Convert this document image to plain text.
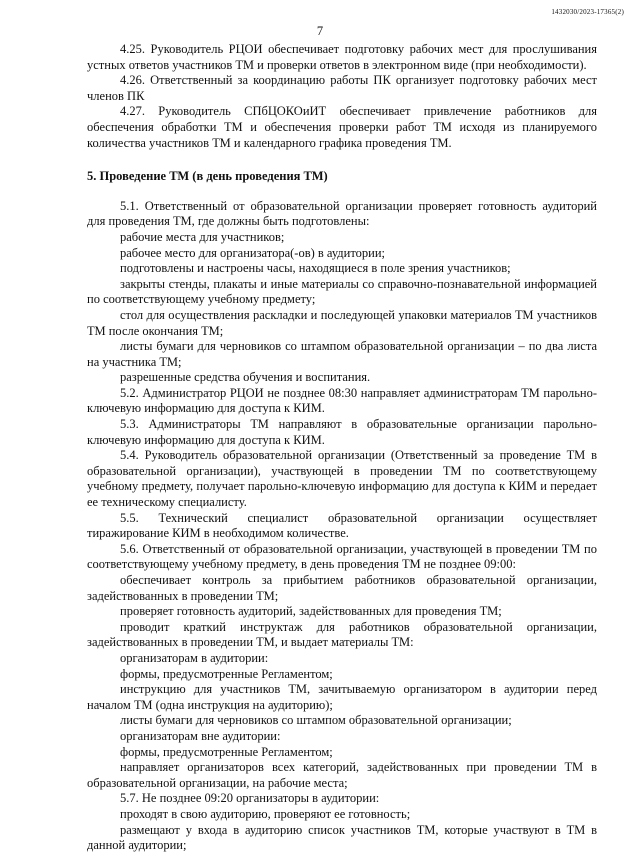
1432030/2023-17365(2)
7

4.25. Руководитель РЦОИ обеспечивает подготовку рабочих мест для прослушивания устных ответов участников ТМ и проверки ответов в электронном виде (при необходимости).

4.26. Ответственный за координацию работы ПК организует подготовку рабочих мест членов ПК

4.27. Руководитель СПбЦОКОиИТ обеспечивает привлечение работников для обеспечения обработки ТМ и обеспечения проверки работ ТМ исходя из планируемого количества участников ТМ и календарного графика проведения ТМ.

5. Проведение ТМ (в день проведения ТМ)

5.1. Ответственный от образовательной организации проверяет готовность аудиторий для проведения ТМ, где должны быть подготовлены:

рабочие места для участников;

рабочее место для организатора(-ов) в аудитории;

подготовлены и настроены часы, находящиеся в поле зрения участников;

закрыты стенды, плакаты и иные материалы со справочно-познавательной информацией по соответствующему учебному предмету;

стол для осуществления раскладки и последующей упаковки материалов ТМ участников ТМ после окончания ТМ;

листы бумаги для черновиков со штампом образовательной организации – по два листа на участника ТМ;

разрешенные средства обучения и воспитания.

5.2. Администратор РЦОИ не позднее 08:30 направляет администраторам ТМ парольно-ключевую информацию для доступа к КИМ.

5.3. Администраторы ТМ направляют в образовательные организации парольно-ключевую информацию для доступа к КИМ.

5.4. Руководитель образовательной организации (Ответственный за проведение ТМ в образовательной организации), участвующей в проведении ТМ по соответствующему учебному предмету, получает парольно-ключевую информацию для доступа к КИМ и передает ее техническому специалисту.

5.5. Технический специалист образовательной организации осуществляет тиражирование КИМ в необходимом количестве.

5.6. Ответственный от образовательной организации, участвующей в проведении ТМ по соответствующему учебному предмету, в день проведения ТМ не позднее 09:00:

обеспечивает контроль за прибытием работников образовательной организации, задействованных в проведении ТМ;

проверяет готовность аудиторий, задействованных для проведения ТМ;

проводит краткий инструктаж для работников образовательной организации, задействованных в проведении ТМ, и выдает материалы ТМ:

организаторам в аудитории:

формы, предусмотренные Регламентом;

инструкцию для участников ТМ, зачитываемую организатором в аудитории перед началом ТМ (одна инструкция на аудиторию);

листы бумаги для черновиков со штампом образовательной организации;

организаторам вне аудитории:

формы, предусмотренные Регламентом;

направляет организаторов всех категорий, задействованных при проведении ТМ в образовательной организации, на рабочие места;

5.7. Не позднее 09:20 организаторы в аудитории:

проходят в свою аудиторию, проверяют ее готовность;

размещают у входа в аудиторию список участников ТМ, которые участвуют в ТМ в данной аудитории;
